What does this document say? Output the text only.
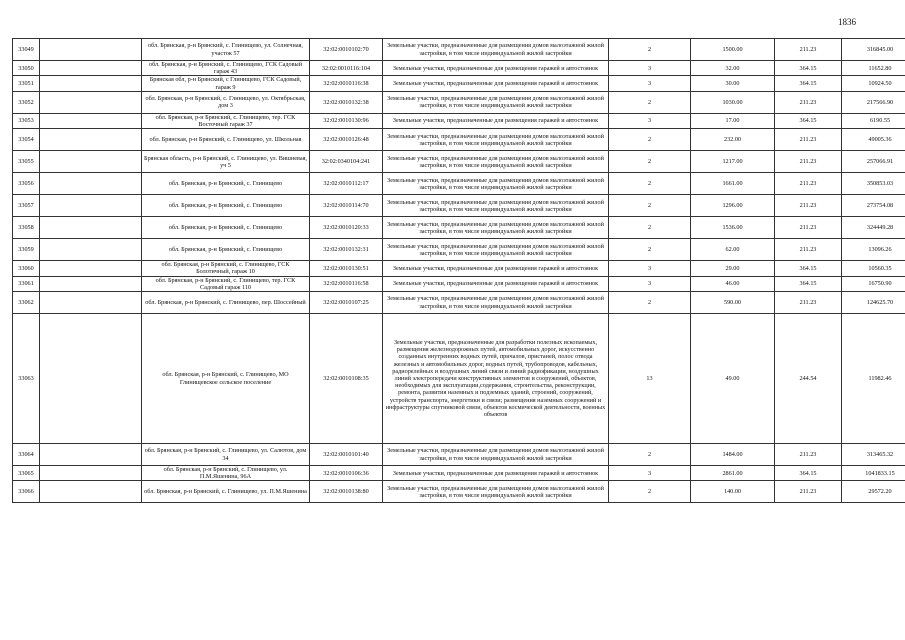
1836
33049		обл. Брянская, р-н Брянский, с. Глинищево, ул. Солнечная, участок 57	32:02:0010102:70	Земельные участки, предназначенные для размещения домов малоэтажной жилой застройки, в том числе индивидуальной жилой застройки	2	1500.00	211.23	316845.00
33050		обл. Брянская, р-н Брянский, с. Глинищево, ГСК Садовый гараж 43	32:02:0010116:104	Земельные участки, предназначенные для размещения гаражей и автостоянок	3	32.00	364.15	11652.80
33051		Брянская обл, р-н Брянский, с Глинищево, ГСК Садовый, гараж 9	32:02:0010116:38	Земельные участки, предназначенные для размещения гаражей и автостоянок	3	30.00	364.15	10924.50
33052		обл. Брянская, р-н Брянский, с. Глинищево, ул. Октябрьская, дом 3	32:02:0010132:38	Земельные участки, предназначенные для размещения домов малоэтажной жилой застройки, в том числе индивидуальной жилой застройки	2	1030.00	211.23	217566.90
33053		обл. Брянская, р-н Брянский, с. Глинищево, тер. ГСК Восточный гараж 37	32:02:0010130:96	Земельные участки, предназначенные для размещения гаражей и автостоянок	3	17.00	364.15	6190.55
33054		обл. Брянская, р-н Брянский, с. Глинищево, ул. Школьная	32:02:0010126:48	Земельные участки, предназначенные для размещения домов малоэтажной жилой застройки, в том числе индивидуальной жилой застройки	2	232.00	211.23	49005.36
33055		Брянская область, р-н Брянский, с. Глинищево, ул. Вишневая, уч 5	32:02:0340104:241	Земельные участки, предназначенные для размещения домов малоэтажной жилой застройки, в том числе индивидуальной жилой застройки	2	1217.00	211.23	257066.91
33056		обл. Брянская, р-н Брянский, с. Глинищево	32:02:0010112:17	Земельные участки, предназначенные для размещения домов малоэтажной жилой застройки, в том числе индивидуальной жилой застройки	2	1661.00	211.23	350853.03
33057		обл. Брянская, р-н Брянский, с. Глинищево	32:02:0010114:70	Земельные участки, предназначенные для размещения домов малоэтажной жилой застройки, в том числе индивидуальной жилой застройки	2	1296.00	211.23	273754.08
33058		обл. Брянская, р-н Брянский, с. Глинищево	32:02:0010120:33	Земельные участки, предназначенные для размещения домов малоэтажной жилой застройки, в том числе индивидуальной жилой застройки	2	1536.00	211.23	324449.28
33059		обл. Брянская, р-н Брянский, с. Глинищево	32:02:0010132:31	Земельные участки, предназначенные для размещения домов малоэтажной жилой застройки, в том числе индивидуальной жилой застройки	2	62.00	211.23	13096.26
33060		обл. Брянская, р-н Брянский, с. Глинищево, ГСК Болотичный, гараж 10	32:02:0010130:51	Земельные участки, предназначенные для размещения гаражей и автостоянок	3	29.00	364.15	10560.35
33061		обл. Брянская, р-н Брянский, с. Глинищево, тер. ГСК Садовый гараж 110	32:02:0010116:58	Земельные участки, предназначенные для размещения гаражей и автостоянок	3	46.00	364.15	16750.90
33062		обл. Брянская, р-н Брянский, с. Глинищево, пер. Шоссейный	32:02:0010107:25	Земельные участки, предназначенные для размещения домов малоэтажной жилой застройки, в том числе индивидуальной жилой застройки	2	590.00	211.23	124625.70
33063		обл. Брянская, р-н Брянский, с. Глинищево, МО Глинищевское сельское поселение	32:02:0010108:35	Земельные участки, предназначенные для разработки полезных ископаемых, размещения железнодорожных путей, автомобильных дорог, искусственно созданных внутренних водных путей, причалов, пристаней, полос отвода железных и автомобильных дорог, водных путей, трубопроводов, кабельных, радиорелейных и воздушных линий связи и линий радиофикации, воздушных линий электропередачи конструктивных элементов и сооружений, объектов, необходимых для эксплуатации,содержания, строительства, реконструкции, ремонта, развития наземных и подземных зданий, строений, сооружений, устройств транспорта, энергетики и связи; размещения наземных сооружений и инфраструктуры спутниковой связи, объектов космической деятельности, военных объектов	13	49.00	244.54	11982.46
33064		обл. Брянская, р-н Брянский, с. Глинищево, ул. Салютов, дом 34	32:02:0010101:40	Земельные участки, предназначенные для размещения домов малоэтажной жилой застройки, в том числе индивидуальной жилой застройки	2	1484.00	211.23	313465.32
33065		обл. Брянская, р-н Брянский, с. Глинищево, ул. П.М.Яшенина, 96А	32:02:0010106:36	Земельные участки, предназначенные для размещения гаражей и автостоянок	3	2861.00	364.15	1041833.15
33066		обл. Брянская, р-н Брянский, с. Глинищево, ул. П.М.Яшенина	32:02:0010138:80	Земельные участки, предназначенные для размещения домов малоэтажной жилой застройки, в том числе индивидуальной жилой застройки	2	140.00	211.23	29572.20
